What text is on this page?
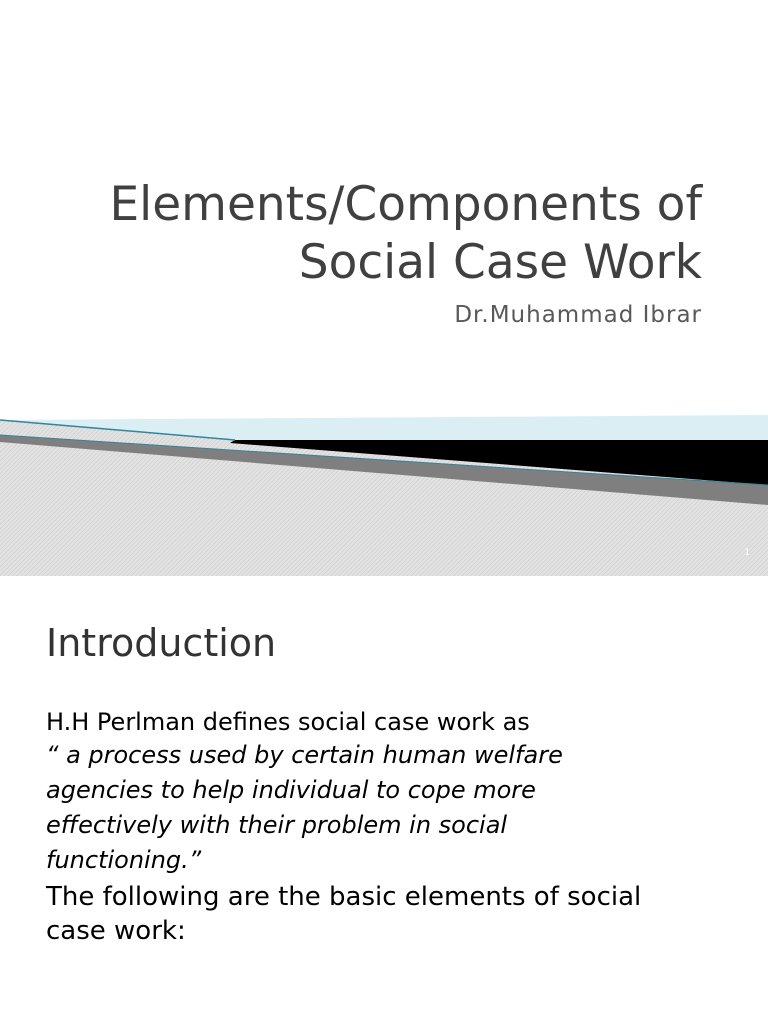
Elements/Components of
Social Case Work

Dr.Muhammad Ibrar

1
Introduction

H.H Perlman defines social case work as

“ a process used by certain human welfare
agencies to help individual to cope more
effectively with their problem in social
functioning.”

The following are the basic elements of social
case work:
